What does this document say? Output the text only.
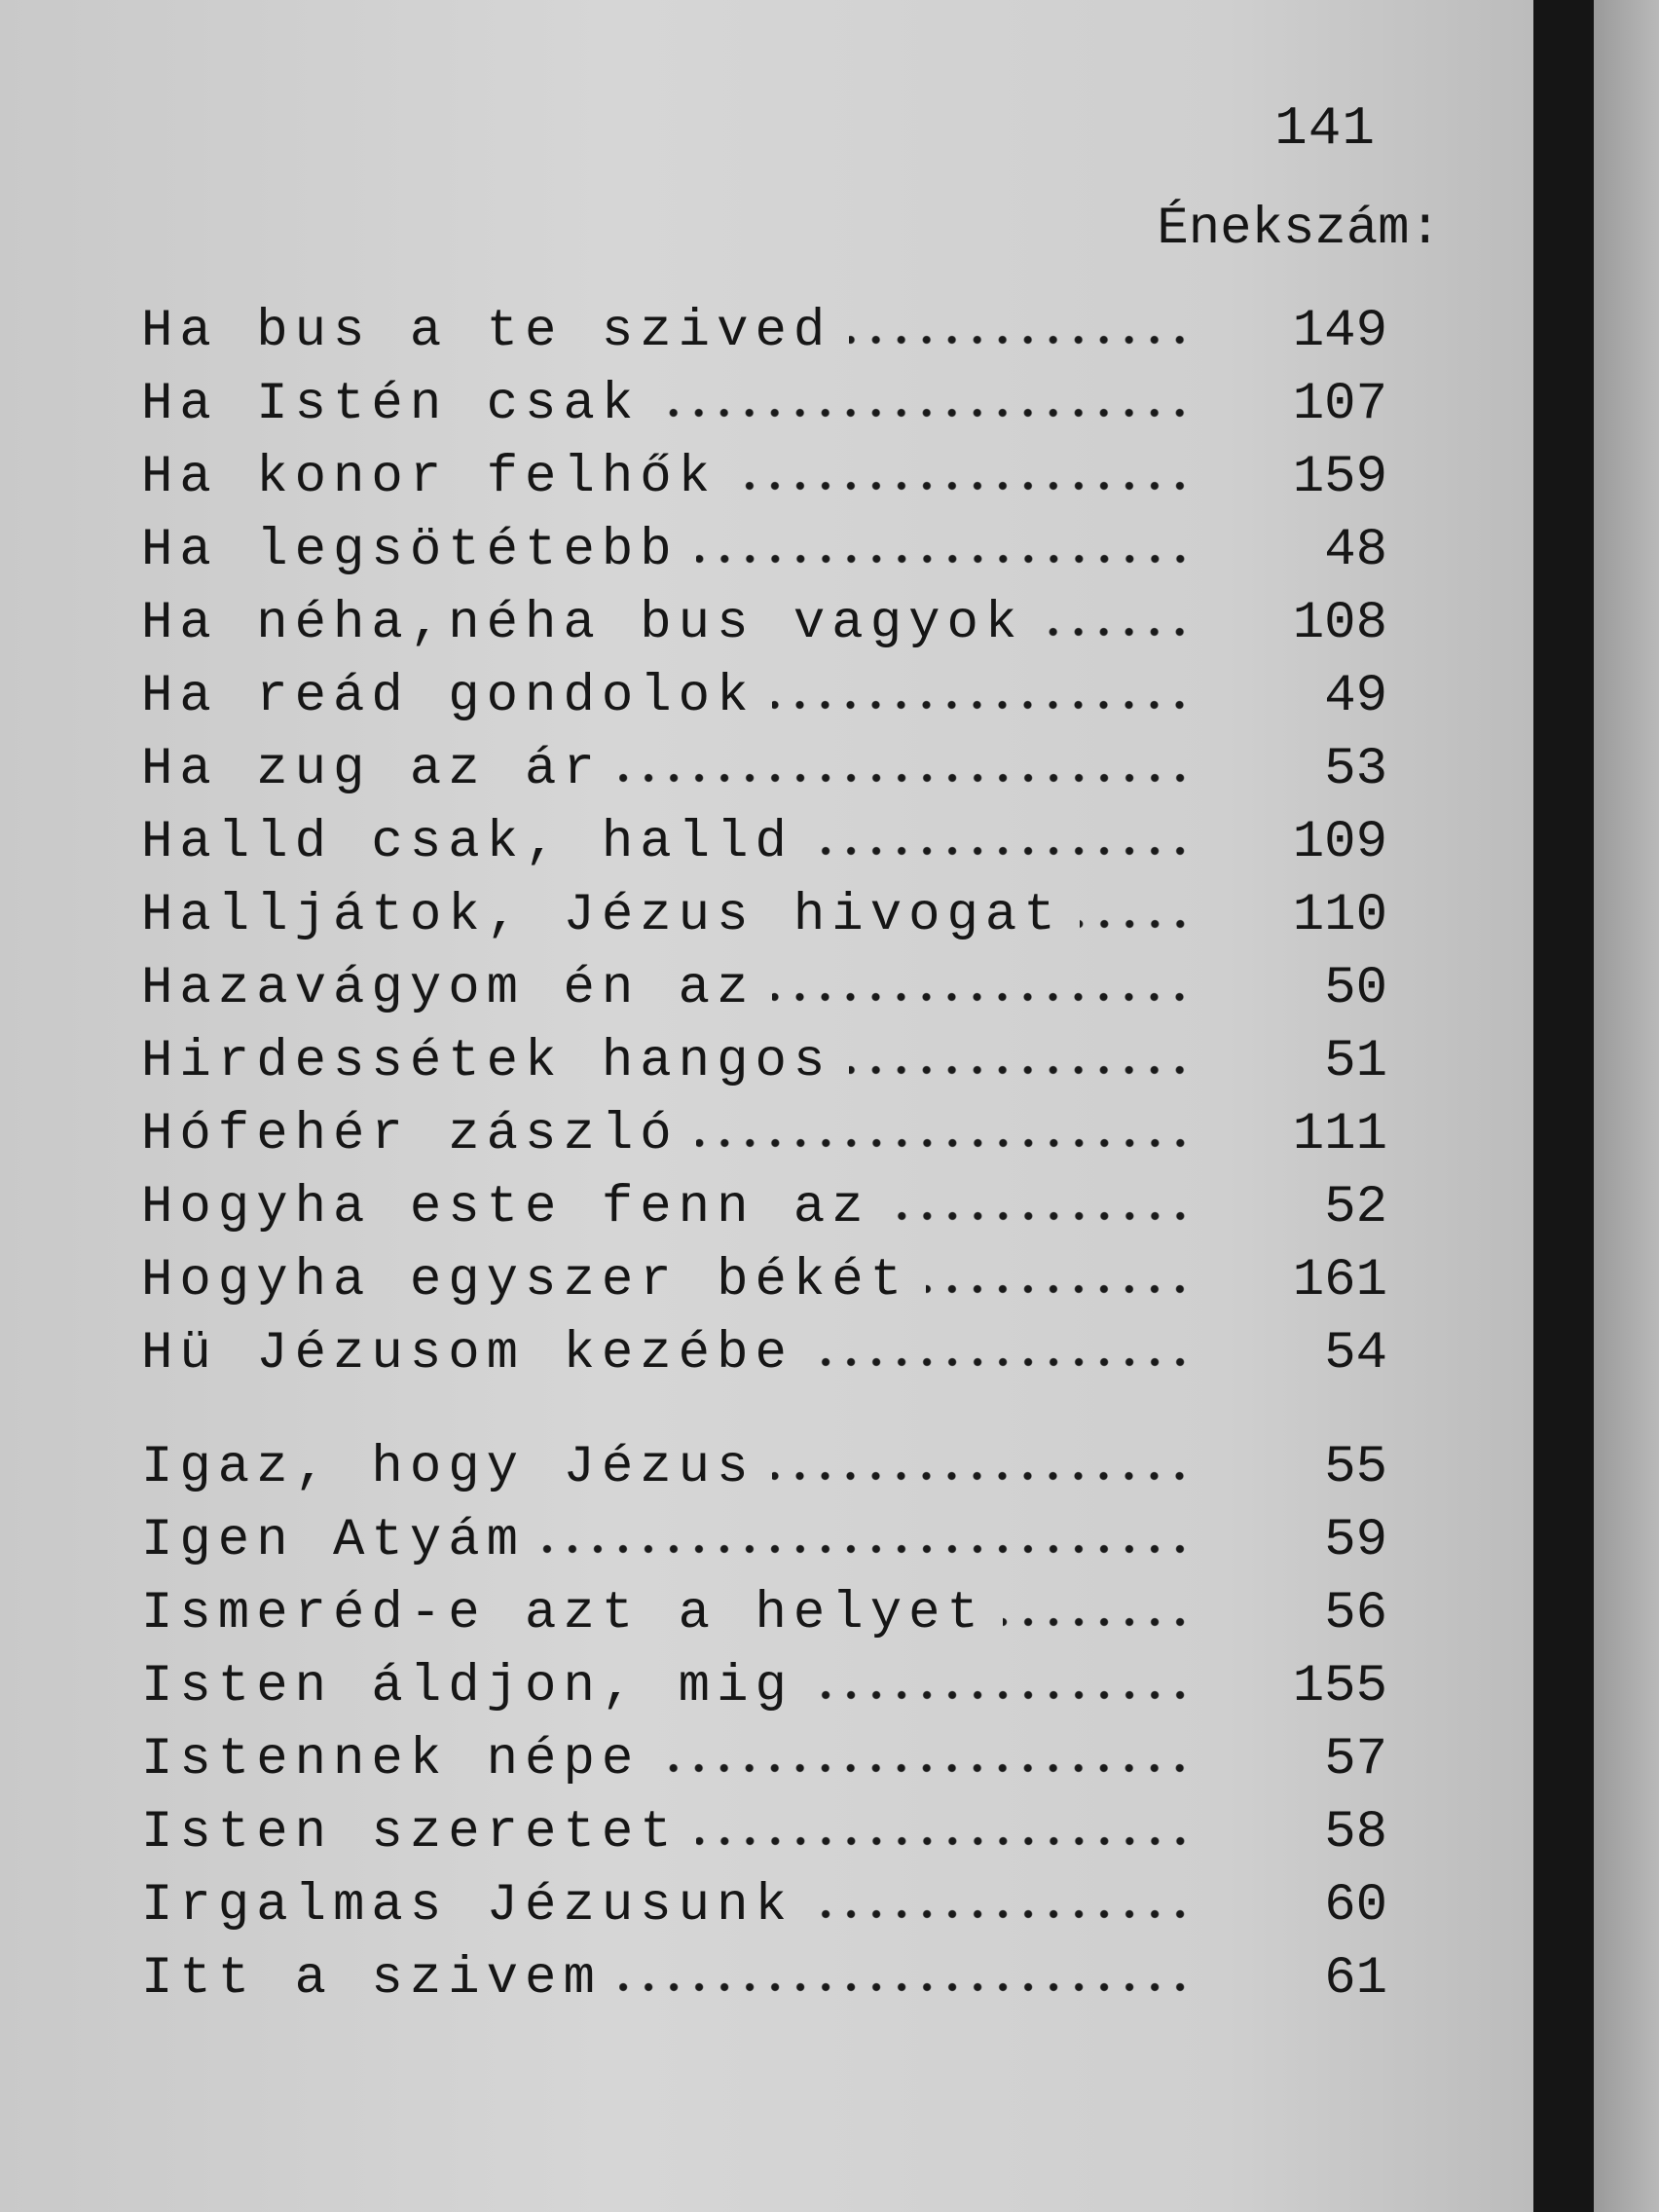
141
Énekszám:
Ha bus a te szived	149
Ha Istén csak	107
Ha konor felhők	159
Ha legsötétebb	48
Ha néha,néha bus vagyok	108
Ha reád gondolok	49
Ha zug az ár	53
Halld csak, halld	109
Halljátok, Jézus hivogat	110
Hazavágyom én az	50
Hirdessétek hangos	51
Hófehér zászló	111
Hogyha este fenn az	52
Hogyha egyszer békét	161
Hü Jézusom kezébe	54
Igaz, hogy Jézus	55
Igen Atyám	59
Ismeréd-e azt a helyet	56
Isten áldjon, mig	155
Istennek népe	57
Isten szeretet	58
Irgalmas Jézusunk	60
Itt a szivem	61
